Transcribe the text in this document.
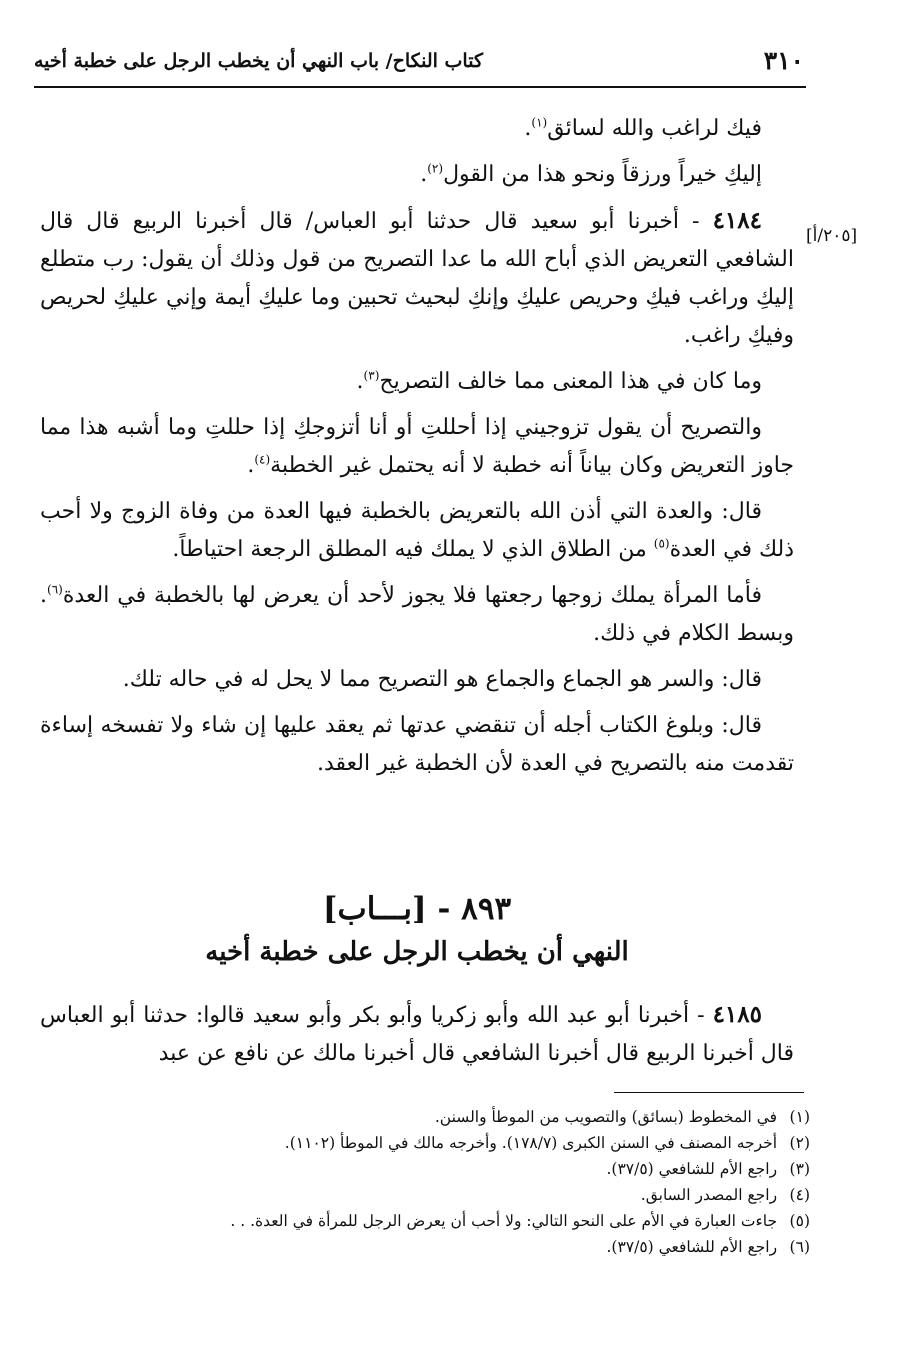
٣١٠
كتاب النكاح/ باب النهي أن يخطب الرجل على خطبة أخيه
[٢٠٥/أ]

فيك لراغب والله لسائق$^{(١)}$.

إليكِ خيراً ورزقاً ونحو هذا من القول$^{(٢)}$.

٤١٨٤ - أخبرنا أبو سعيد قال حدثنا أبو العباس/ قال أخبرنا الربيع قال قال الشافعي التعريض الذي أباح الله ما عدا التصريح من قول وذلك أن يقول: رب متطلع إليكِ وراغب فيكِ وحريص عليكِ وإنكِ لبحيث تحبين وما عليكِ أيمة وإني عليكِ لحريص وفيكِ راغب.

وما كان في هذا المعنى مما خالف التصريح$^{(٣)}$.

والتصريح أن يقول تزوجيني إذا أحللتِ أو أنا أتزوجكِ إذا حللتِ وما أشبه هذا مما جاوز التعريض وكان بياناً أنه خطبة لا أنه يحتمل غير الخطبة$^{(٤)}$.

قال: والعدة التي أذن الله بالتعريض بالخطبة فيها العدة من وفاة الزوج ولا أحب ذلك في العدة$^{(٥)}$ من الطلاق الذي لا يملك فيه المطلق الرجعة احتياطاً.

فأما المرأة يملك زوجها رجعتها فلا يجوز لأحد أن يعرض لها بالخطبة في العدة$^{(٦)}$. وبسط الكلام في ذلك.

قال: والسر هو الجماع والجماع هو التصريح مما لا يحل له في حاله تلك.

قال: وبلوغ الكتاب أجله أن تنقضي عدتها ثم يعقد عليها إن شاء ولا تفسخه إساءة تقدمت منه بالتصريح في العدة لأن الخطبة غير العقد.

٨٩٣ - [بـــاب]
النهي أن يخطب الرجل على خطبة أخيه

٤١٨٥ - أخبرنا أبو عبد الله وأبو زكريا وأبو بكر وأبو سعيد قالوا: حدثنا أبو العباس قال أخبرنا الربيع قال أخبرنا الشافعي قال أخبرنا مالك عن نافع عن عبد

(١) في المخطوط (بسائق) والتصويب من الموطأ والسنن.
(٢) أخرجه المصنف في السنن الكبرى (١٧٨/٧). وأخرجه مالك في الموطأ (١١٠٢).
(٣) راجع الأم للشافعي (٣٧/٥).
(٤) راجع المصدر السابق.
(٥) جاءت العبارة في الأم على النحو التالي: ولا أحب أن يعرض الرجل للمرأة في العدة. . .
(٦) راجع الأم للشافعي (٣٧/٥).
